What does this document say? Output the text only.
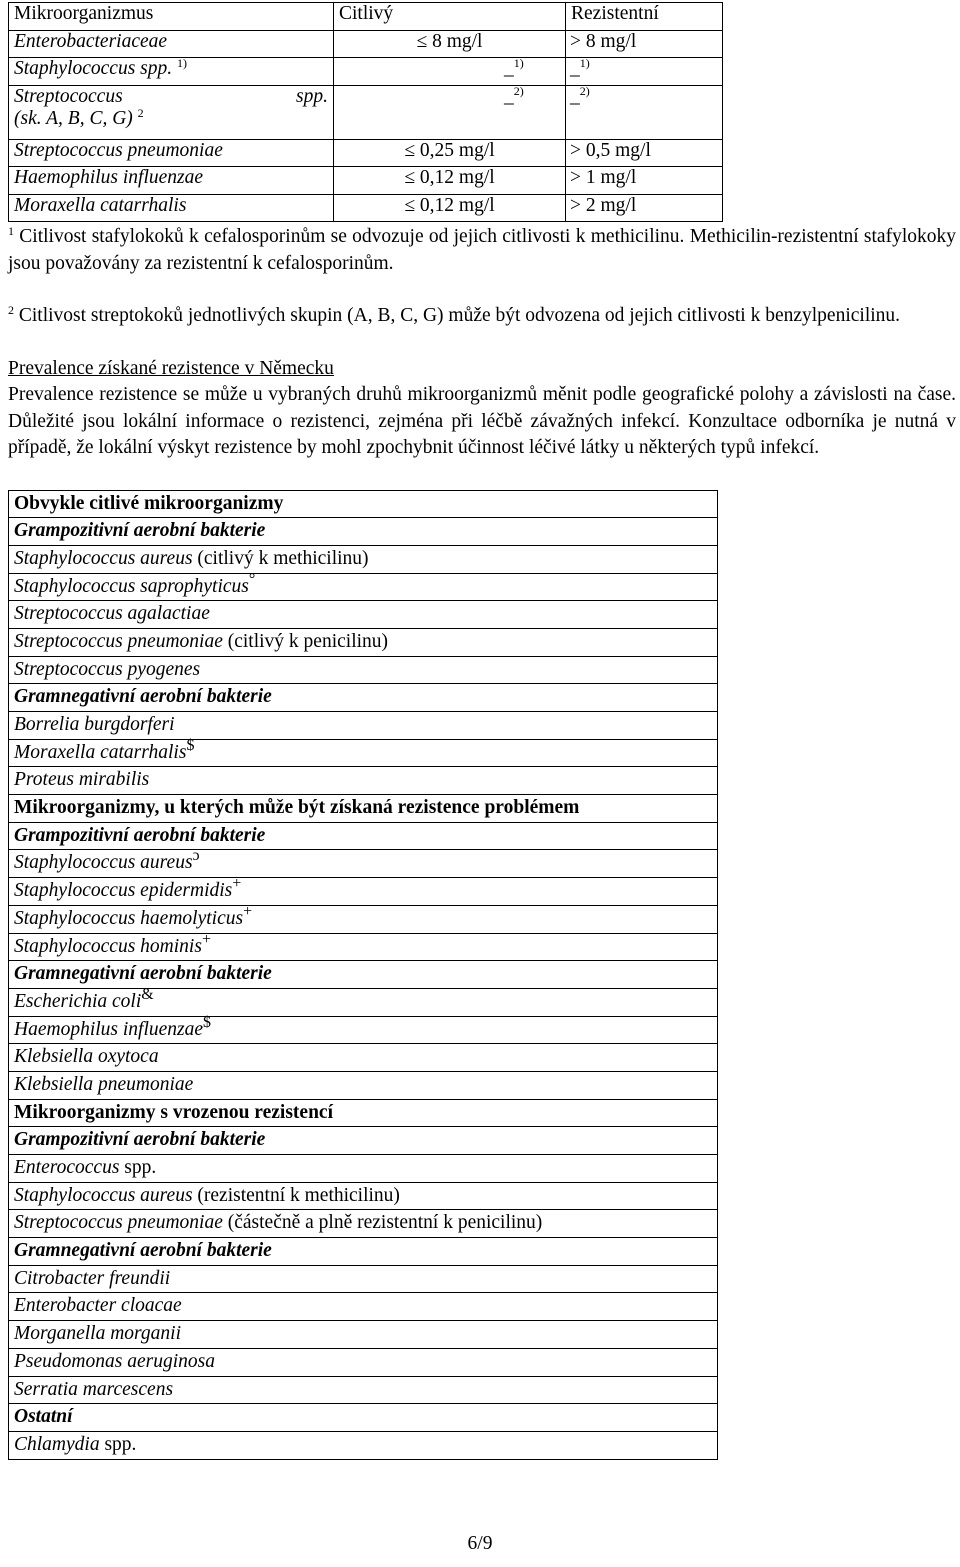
Mikroorganizmus	Citlivý	Rezistentní
Enterobacteriaceae	≤ 8 mg/l	> 8 mg/l
Staphylococcus spp. $^{1)}$	_$^{1)}$	_$^{1)}$

Streptococcus spp.
(sk. A, B, C, G) $^2$	_$^{2)}$	_$^{2)}$
Streptococcus pneumoniae	≤ 0,25 mg/l	> 0,5 mg/l
Haemophilus influenzae	≤ 0,12 mg/l	> 1 mg/l
Moraxella catarrhalis	≤ 0,12 mg/l	> 2 mg/l

$^1$ Citlivost stafylokoků k cefalosporinům se odvozuje od jejich citlivosti k methicilinu. Methicilin-rezistentní stafylokoky jsou považovány za rezistentní k cefalosporinům.

$^2$ Citlivost streptokoků jednotlivých skupin (A, B, C, G) může být odvozena od jejich citlivosti k benzylpenicilinu.

Prevalence získané rezistence v Německu

Prevalence rezistence se může u vybraných druhů mikroorganizmů měnit podle geografické polohy a závislosti na čase. Důležité jsou lokální informace o rezistenci, zejména při léčbě závažných infekcí. Konzultace odborníka je nutná v případě, že lokální výskyt rezistence by mohl zpochybnit účinnost léčivé látky u některých typů infekcí.

Obvykle citlivé mikroorganizmy
Grampozitivní aerobní bakterie
Staphylococcus aureus (citlivý k methicilinu)
Staphylococcus saprophyticus°
Streptococcus agalactiae
Streptococcus pneumoniae (citlivý k penicilinu)
Streptococcus pyogenes
Gramnegativní aerobní bakterie
Borrelia burgdorferi
Moraxella catarrhalis$
Proteus mirabilis
Mikroorganizmy, u kterých může být získaná rezistence problémem
Grampozitivní aerobní bakterie
Staphylococcus aureus$^ɔ$
Staphylococcus epidermidis+
Staphylococcus haemolyticus+
Staphylococcus hominis+
Gramnegativní aerobní bakterie
Escherichia coli&
Haemophilus influenzae$
Klebsiella oxytoca
Klebsiella pneumoniae
Mikroorganizmy s vrozenou rezistencí
Grampozitivní aerobní bakterie
Enterococcus spp.
Staphylococcus aureus (rezistentní k methicilinu)
Streptococcus pneumoniae (částečně a plně rezistentní k penicilinu)
Gramnegativní aerobní bakterie
Citrobacter freundii
Enterobacter cloacae
Morganella morganii
Pseudomonas aeruginosa
Serratia marcescens
Ostatní
Chlamydia spp.
6/9
